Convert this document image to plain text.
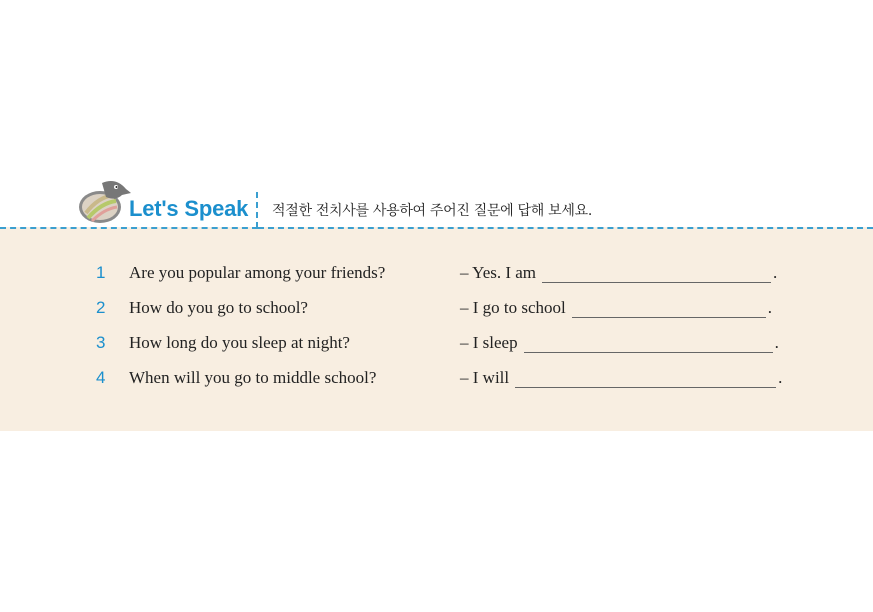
Let's Speak 적절한 전치사를 사용하여 주어진 질문에 답해 보세요.
1 Are you popular among your friends?	– Yes. I am	.
2 How do you go to school?	– I go to school	.
3 How long do you sleep at night?	– I sleep	.
4 When will you go to middle school?	– I will	.
